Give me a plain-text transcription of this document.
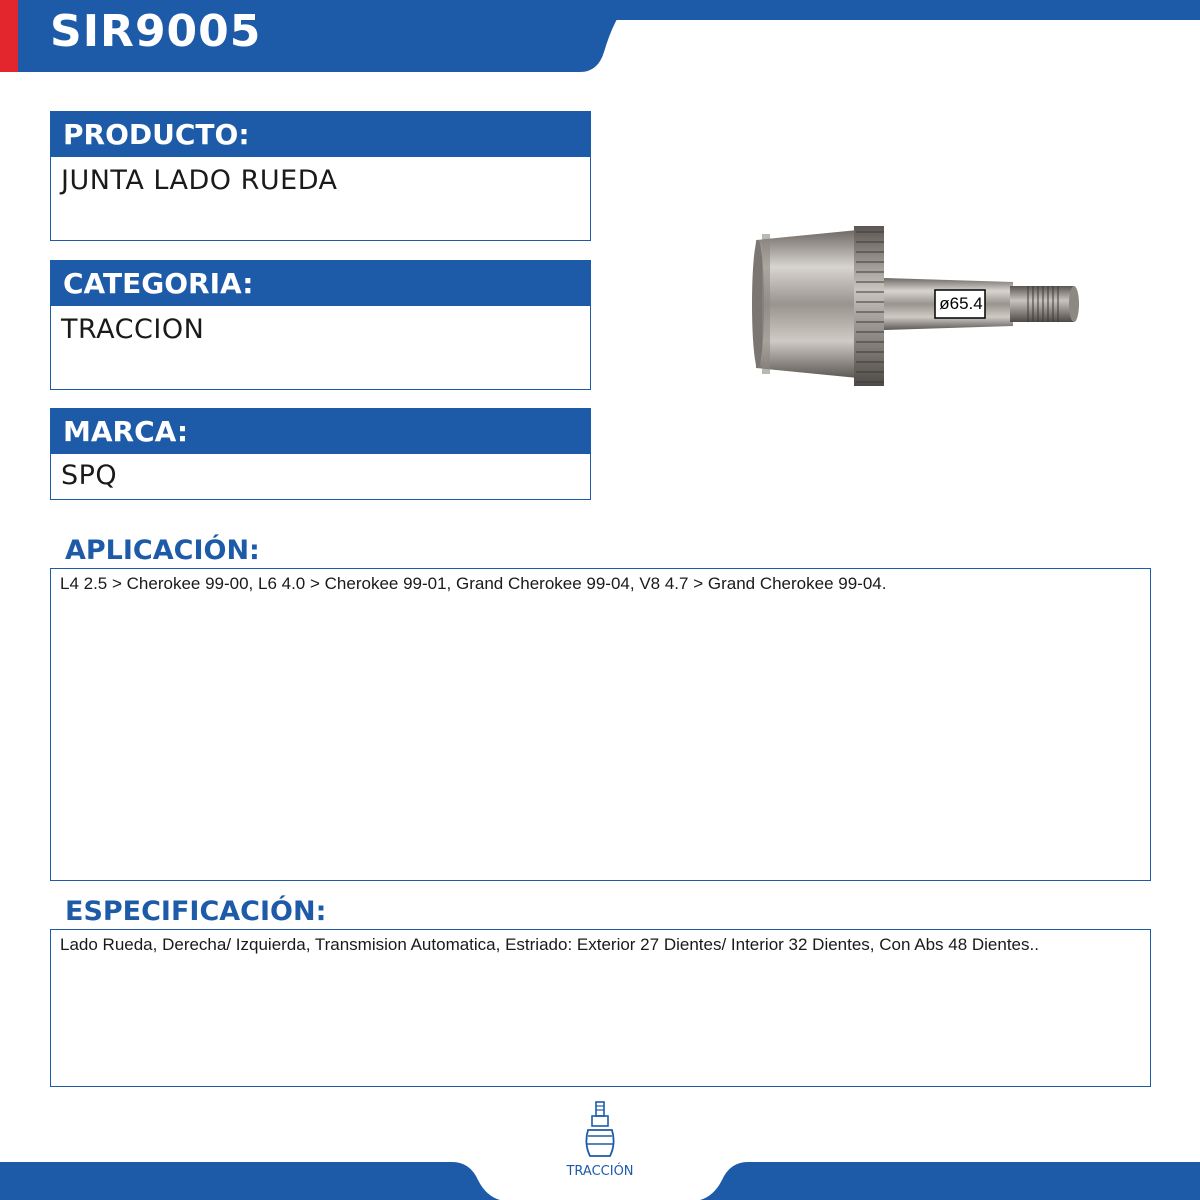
SIR9005
PRODUCTO:
JUNTA LADO RUEDA
CATEGORIA:
TRACCION
MARCA:
SPQ
ø65.4
APLICACIÓN:
L4 2.5 > Cherokee 99-00, L6 4.0 > Cherokee 99-01, Grand Cherokee 99-04, V8 4.7 > Grand Cherokee 99-04.
ESPECIFICACIÓN:
Lado Rueda, Derecha/ Izquierda, Transmision Automatica, Estriado: Exterior 27 Dientes/ Interior 32 Dientes, Con Abs 48 Dientes..
TRACCIÓN
